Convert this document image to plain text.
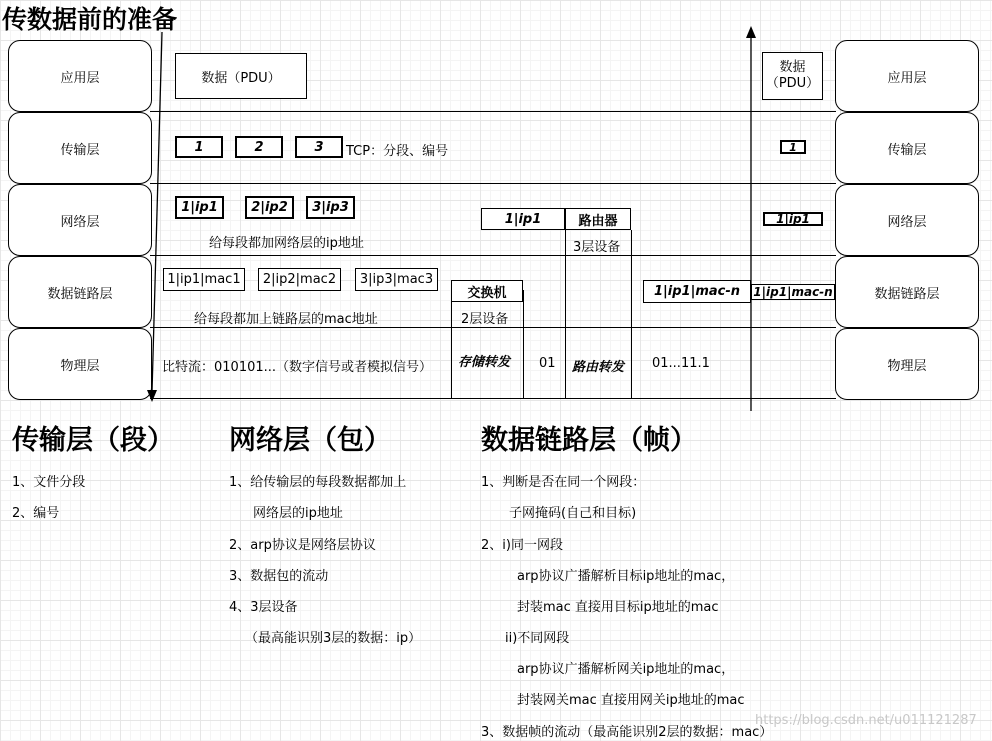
传数据前的准备
应用层
传输层
网络层
数据链路层
物理层
应用层
传输层
网络层
数据链路层
物理层
数据（PDU）
数据
（PDU）
1	2	3 TCP：分段、编号	1
1|ip1	2|ip2 3|ip3
给每段都加网络层的ip地址
1|ip1	路由器
3层设备
1|ip1
1|ip1|mac1 2|ip2|mac2 3|ip3|mac3
给每段都加上链路层的mac地址
交换机
2层设备
1|ip1|mac-n 1|ip1|mac-n
比特流：010101...（数字信号或者模拟信号） 存储转发 01 路由转发 01...11.1
传输层（段）
1、文件分段
2、编号
网络层（包）
1、给传输层的每段数据都加上
网络层的ip地址
2、arp协议是网络层协议
3、数据包的流动
4、3层设备
（最高能识别3层的数据：ip）
数据链路层（帧）
1、判断是否在同一个网段：
子网掩码(自己和目标)
2、i)同一网段
arp协议广播解析目标ip地址的mac，
封装mac 直接用目标ip地址的mac
ii)不同网段
arp协议广播解析网关ip地址的mac，
封装网关mac 直接用网关ip地址的mac
3、数据帧的流动（最高能识别2层的数据：mac）
https://blog.csdn.net/u011121287
